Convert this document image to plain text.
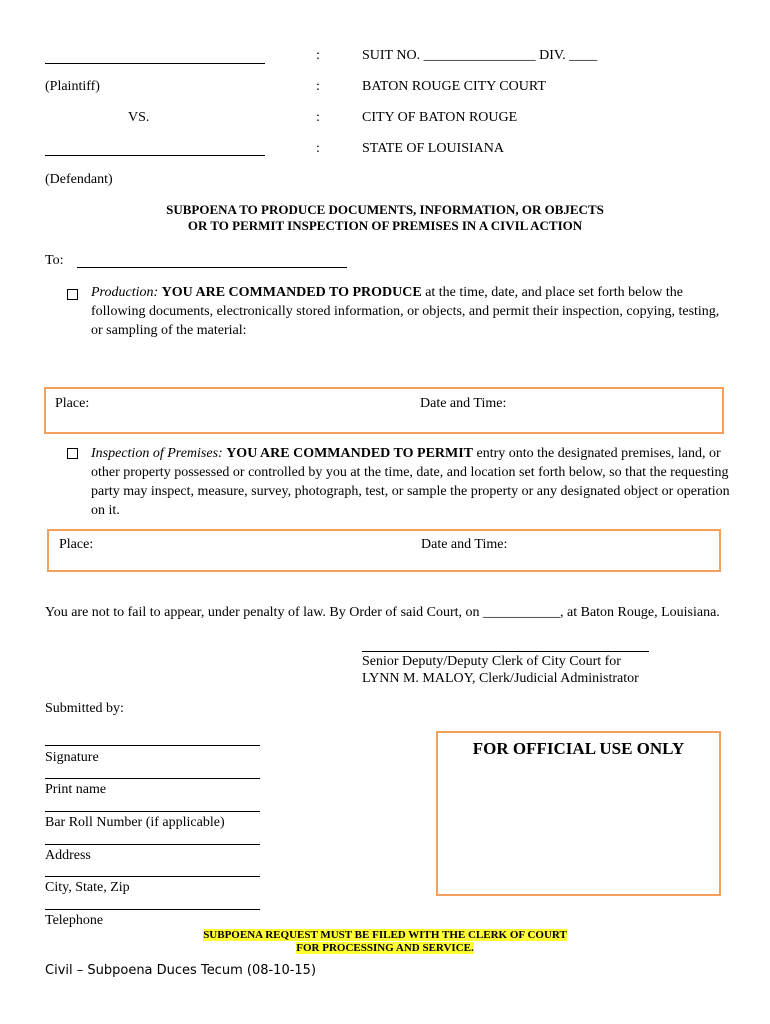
:	SUIT NO. ________________ DIV. ____
(Plaintiff)	:	BATON ROUGE CITY COURT
VS.	:	CITY OF BATON ROUGE
:	STATE OF LOUISIANA
(Defendant)
SUBPOENA TO PRODUCE DOCUMENTS, INFORMATION, OR OBJECTS
OR TO PERMIT INSPECTION OF PREMISES IN A CIVIL ACTION
To:
Production: YOU ARE COMMANDED TO PRODUCE at the time, date, and place set forth below the following documents, electronically stored information, or objects, and permit their inspection, copying, testing, or sampling of the material:
Place:	Date and Time:
Inspection of Premises: YOU ARE COMMANDED TO PERMIT entry onto the designated premises, land, or other property possessed or controlled by you at the time, date, and location set forth below, so that the requesting party may inspect, measure, survey, photograph, test, or sample the property or any designated object or operation on it.
Place:	Date and Time:
You are not to fail to appear, under penalty of law. By Order of said Court, on ___________, at Baton Rouge, Louisiana.
Senior Deputy/Deputy Clerk of City Court for
LYNN M. MALOY, Clerk/Judicial Administrator
Submitted by:
Signature
Print name
Bar Roll Number (if applicable)
Address
City, State, Zip
Telephone
FOR OFFICIAL USE ONLY
SUBPOENA REQUEST MUST BE FILED WITH THE CLERK OF COURT
FOR PROCESSING AND SERVICE.
Civil – Subpoena Duces Tecum (08-10-15)
